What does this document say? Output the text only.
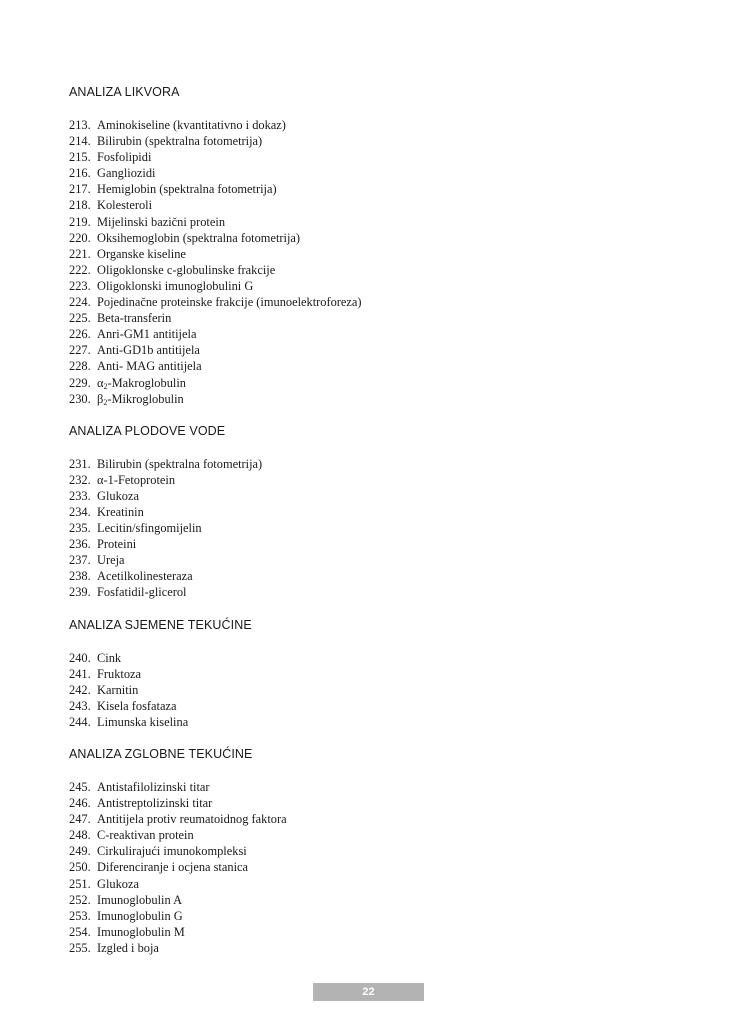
ANALIZA LIKVORA
213. Aminokiseline (kvantitativno i dokaz)
214. Bilirubin (spektralna fotometrija)
215. Fosfolipidi
216. Gangliozidi
217. Hemiglobin (spektralna fotometrija)
218. Kolesteroli
219. Mijelinski bazični protein
220. Oksihemoglobin (spektralna fotometrija)
221. Organske kiseline
222. Oligoklonske c-globulinske frakcije
223. Oligoklonski imunoglobulini G
224. Pojedinačne proteinske frakcije (imunoelektroforeza)
225. Beta-transferin
226. Anri-GM1 antitijela
227. Anti-GD1b antitijela
228. Anti- MAG antitijela
229. $\alpha_2$-Makroglobulin
230. $\beta_2$-Mikroglobulin
ANALIZA PLODOVE VODE
231. Bilirubin (spektralna fotometrija)
232. α-1-Fetoprotein
233. Glukoza
234. Kreatinin
235. Lecitin/sfingomijelin
236. Proteini
237. Ureja
238. Acetilkolinesteraza
239. Fosfatidil-glicerol
ANALIZA SJEMENE TEKUĆINE
240. Cink
241. Fruktoza
242. Karnitin
243. Kisela fosfataza
244. Limunska kiselina
ANALIZA ZGLOBNE TEKUĆINE
245. Antistafilolizinski titar
246. Antistreptolizinski titar
247. Antitijela protiv reumatoidnog faktora
248. C-reaktivan protein
249. Cirkulirajući imunokompleksi
250. Diferenciranje i ocjena stanica
251. Glukoza
252. Imunoglobulin A
253. Imunoglobulin G
254. Imunoglobulin M
255. Izgled i boja
22
